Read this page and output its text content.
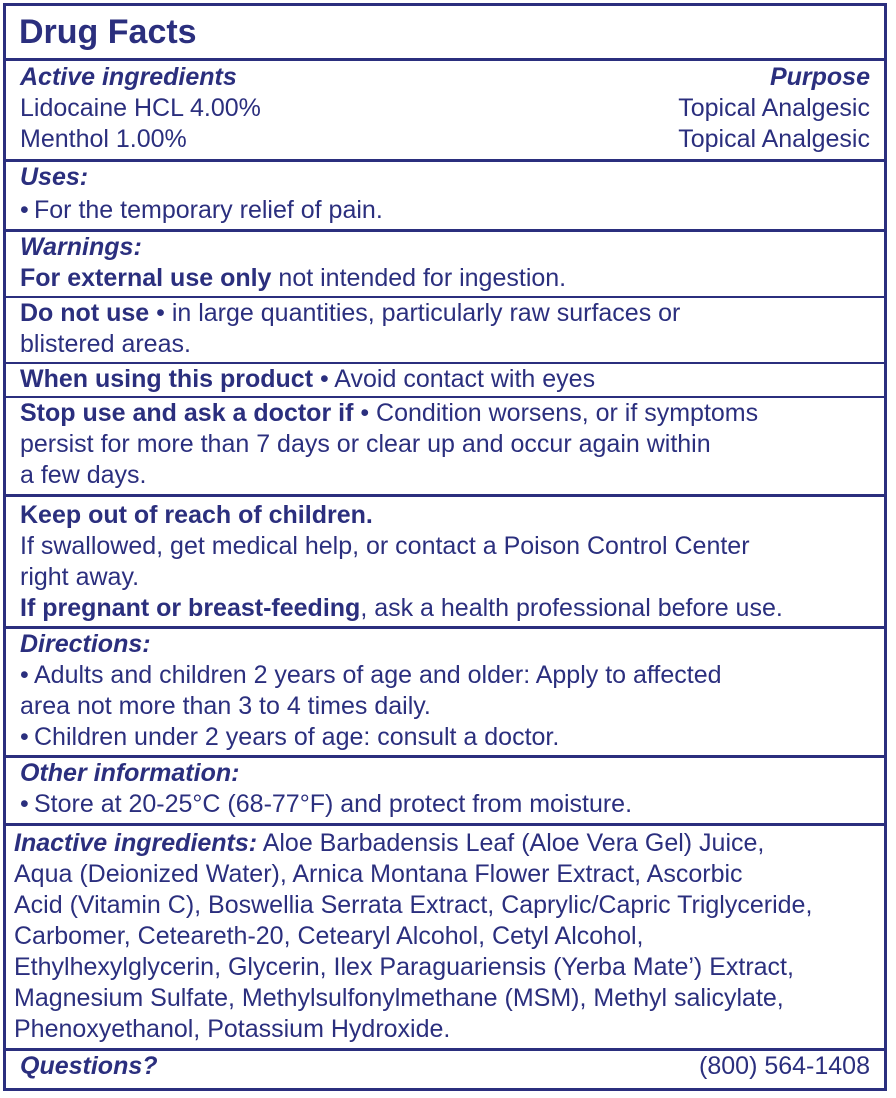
Drug Facts
Active ingredients	Purpose
Lidocaine HCL 4.00%	Topical Analgesic
Menthol 1.00%	Topical Analgesic
Uses:
• For the temporary relief of pain.
Warnings:
For external use only not intended for ingestion.
Do not use • in large quantities, particularly raw surfaces or
blistered areas.
When using this product • Avoid contact with eyes
Stop use and ask a doctor if • Condition worsens, or if symptoms
persist for more than 7 days or clear up and occur again within
a few days.
Keep out of reach of children.
If swallowed, get medical help, or contact a Poison Control Center
right away.
If pregnant or breast-feeding, ask a health professional before use.
Directions:
• Adults and children 2 years of age and older: Apply to affected
area not more than 3 to 4 times daily.
• Children under 2 years of age: consult a doctor.
Other information:
• Store at 20-25°C (68-77°F) and protect from moisture.
Inactive ingredients: Aloe Barbadensis Leaf (Aloe Vera Gel) Juice,
Aqua (Deionized Water), Arnica Montana Flower Extract, Ascorbic
Acid (Vitamin C), Boswellia Serrata Extract, Caprylic/Capric Triglyceride,
Carbomer, Ceteareth-20, Cetearyl Alcohol, Cetyl Alcohol,
Ethylhexylglycerin, Glycerin, Ilex Paraguariensis (Yerba Mate’) Extract,
Magnesium Sulfate, Methylsulfonylmethane (MSM), Methyl salicylate,
Phenoxyethanol, Potassium Hydroxide.
Questions?	(800) 564-1408
